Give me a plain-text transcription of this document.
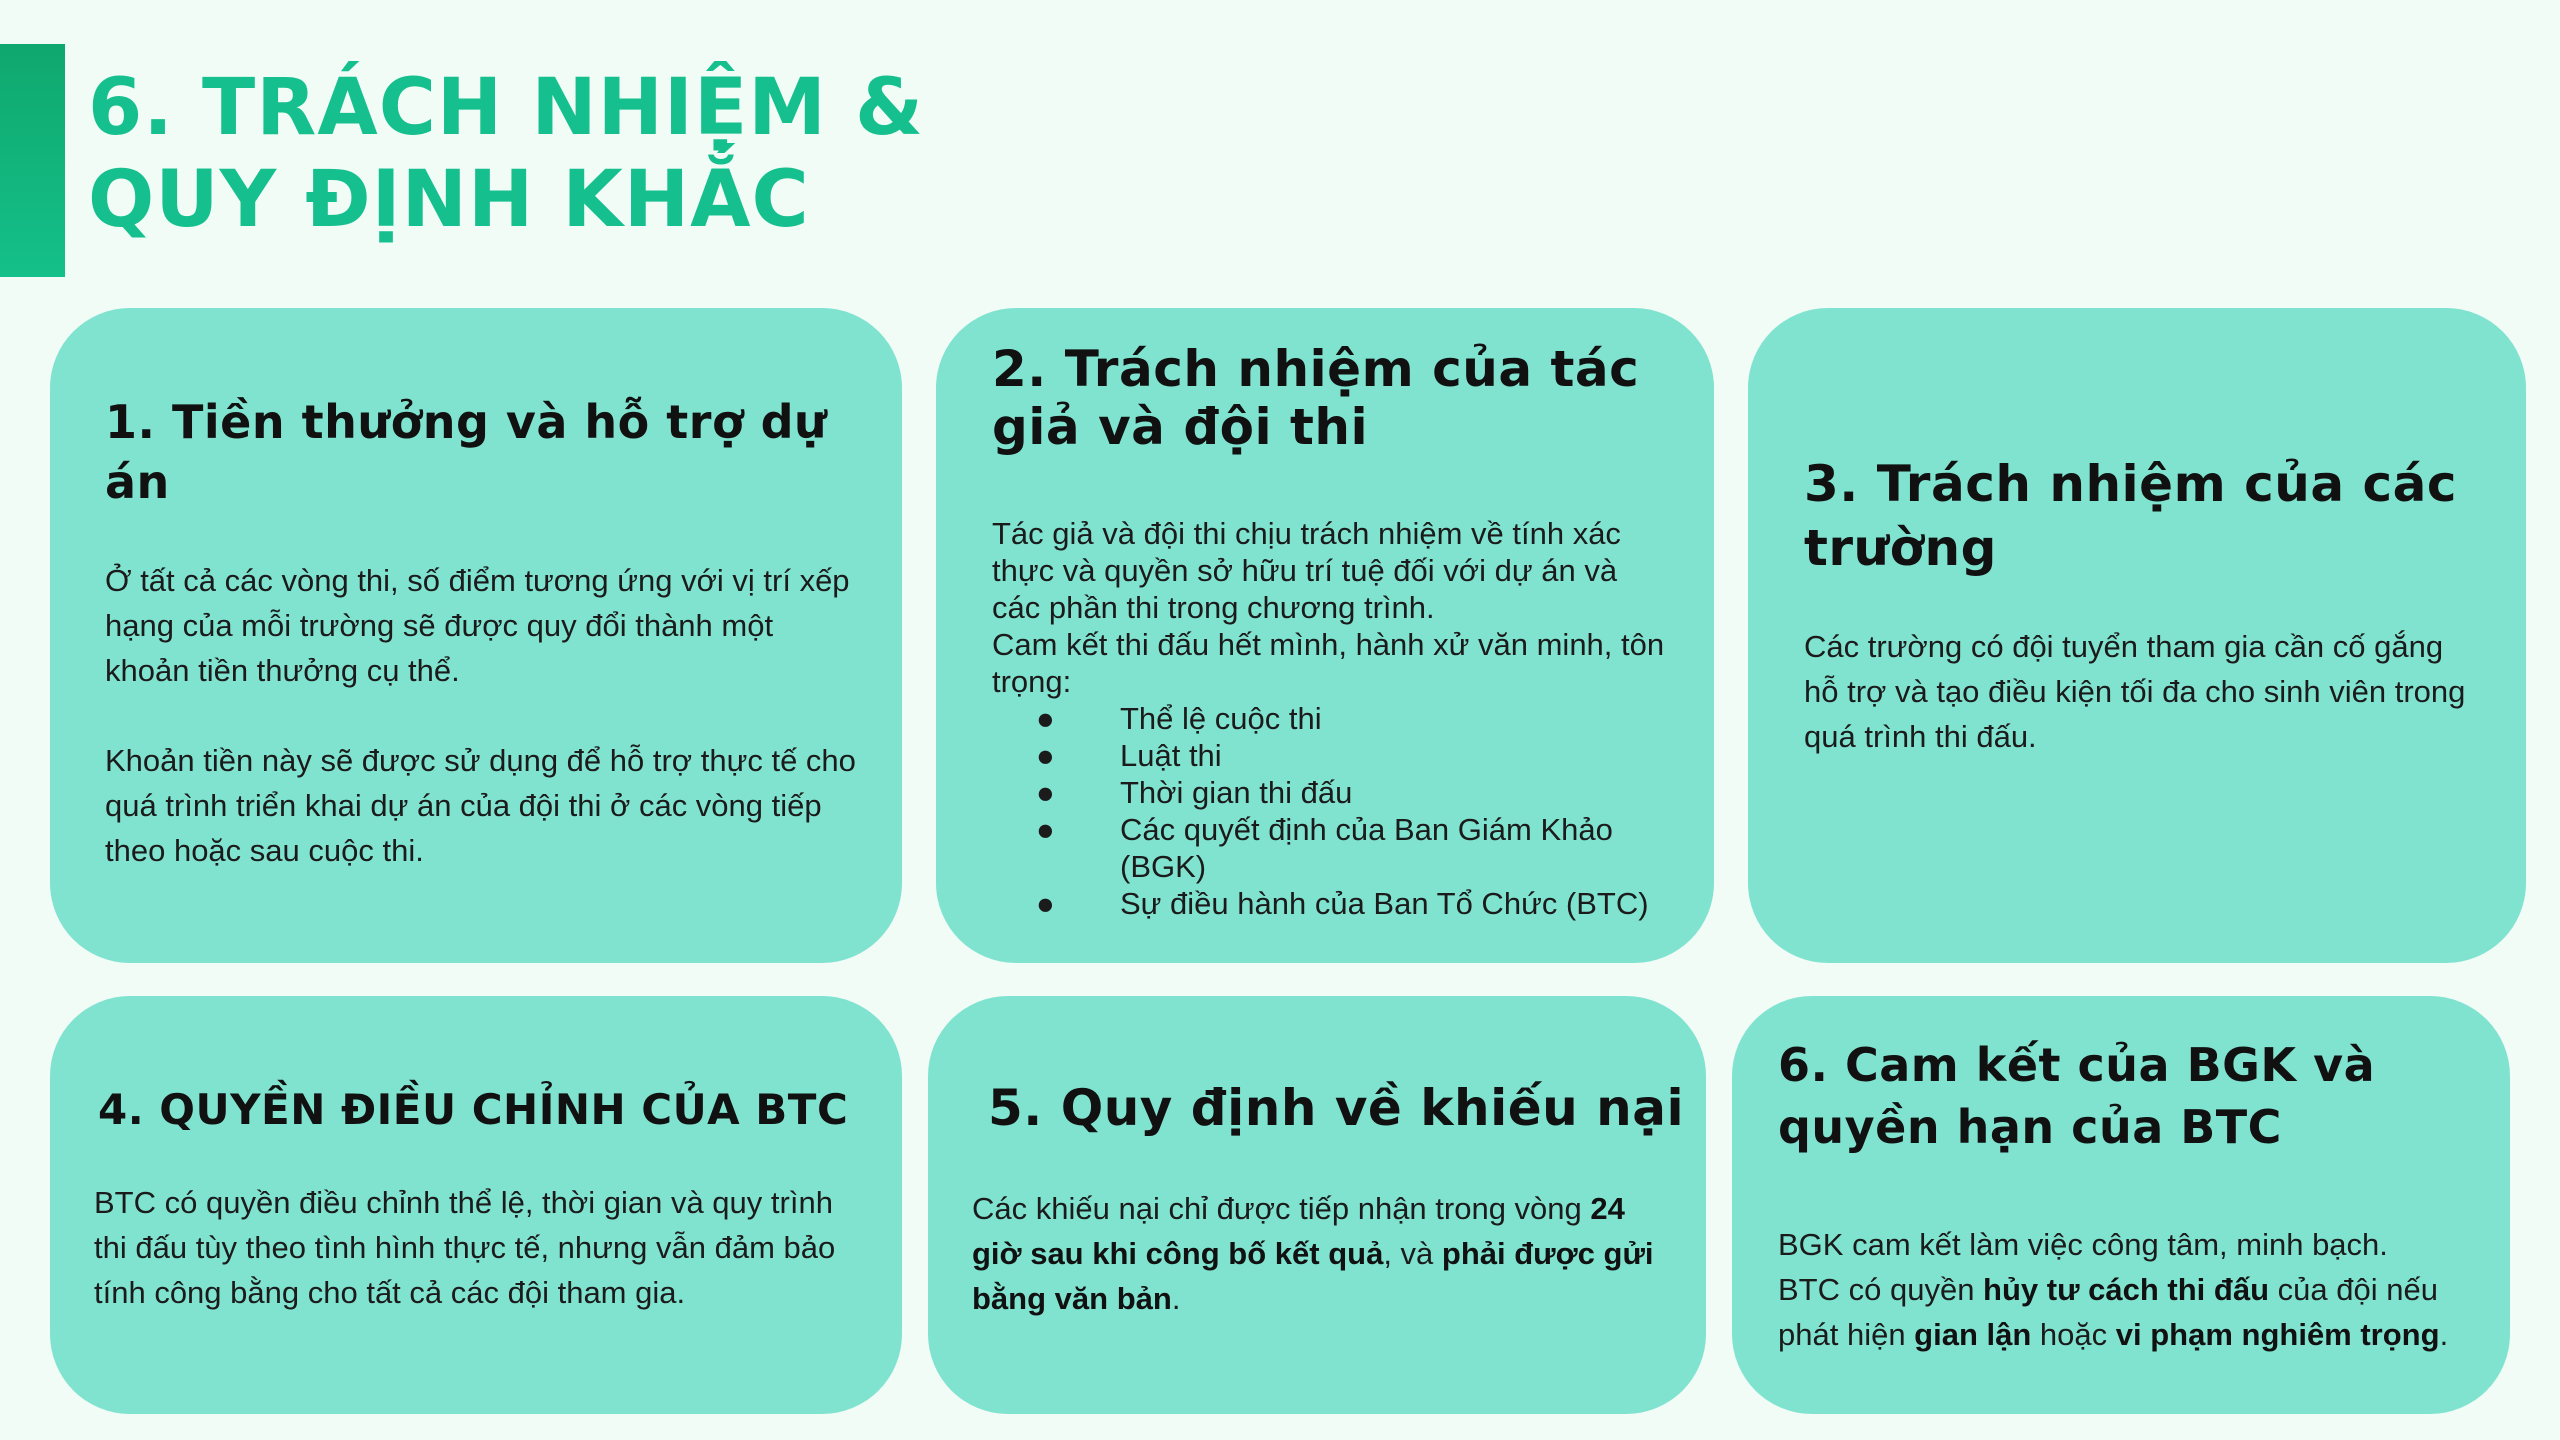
6. TRÁCH NHIỆM &
QUY ĐỊNH KHẮC
1. Tiền thưởng và hỗ trợ dự án

Ở tất cả các vòng thi, số điểm tương ứng với vị trí xếp hạng của mỗi trường sẽ được quy đổi thành một khoản tiền thưởng cụ thể.

Khoản tiền này sẽ được sử dụng để hỗ trợ thực tế cho quá trình triển khai dự án của đội thi ở các vòng tiếp theo hoặc sau cuộc thi.

2. Trách nhiệm của tác giả và đội thi

Tác giả và đội thi chịu trách nhiệm về tính xác thực và quyền sở hữu trí tuệ đối với dự án và các phần thi trong chương trình.

Cam kết thi đấu hết mình, hành xử văn minh, tôn trọng:

● Thể lệ cuộc thi
● Luật thi
● Thời gian thi đấu
● Các quyết định của Ban Giám Khảo (BGK)
● Sự điều hành của Ban Tổ Chức (BTC)
3. Trách nhiệm của các trường

Các trường có đội tuyển tham gia cần cố gắng hỗ trợ và tạo điều kiện tối đa cho sinh viên trong quá trình thi đấu.

4. QUYỀN ĐIỀU CHỈNH CỦA BTC

BTC có quyền điều chỉnh thể lệ, thời gian và quy trình thi đấu tùy theo tình hình thực tế, nhưng vẫn đảm bảo tính công bằng cho tất cả các đội tham gia.

5. Quy định về khiếu nại

Các khiếu nại chỉ được tiếp nhận trong vòng 24 giờ sau khi công bố kết quả, và phải được gửi bằng văn bản.

6. Cam kết của BGK và quyền hạn của BTC

BGK cam kết làm việc công tâm, minh bạch.

BTC có quyền hủy tư cách thi đấu của đội nếu phát hiện gian lận hoặc vi phạm nghiêm trọng.
